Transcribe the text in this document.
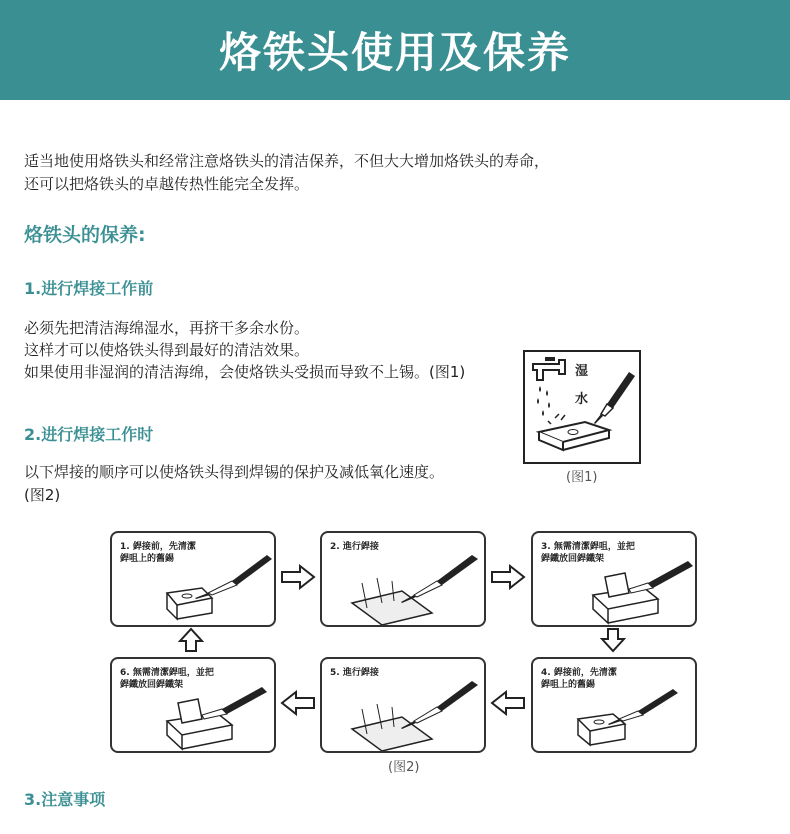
烙铁头使用及保养
适当地使用烙铁头和经常注意烙铁头的清洁保养，不但大大增加烙铁头的寿命，
还可以把烙铁头的卓越传热性能完全发挥。
烙铁头的保养:
1.进行焊接工作前
必须先把清洁海绵湿水，再挤干多余水份。
这样才可以使烙铁头得到最好的清洁效果。
如果使用非湿润的清洁海绵，会使烙铁头受损而导致不上锡。(图1)	湿
水
(图1)
2.进行焊接工作时
以下焊接的顺序可以使烙铁头得到焊锡的保护及减低氧化速度。
(图2)
1. 銲接前，先清潔
銲咀上的舊錫
2. 進行銲接	3. 無需清潔銲咀，並把
銲鐵放回銲鐵架
4. 銲接前，先清潔
銲咀上的舊錫
5. 進行銲接

6. 無需清潔銲咀，並把
銲鐵放回銲鐵架
(图2)
3.注意事项
